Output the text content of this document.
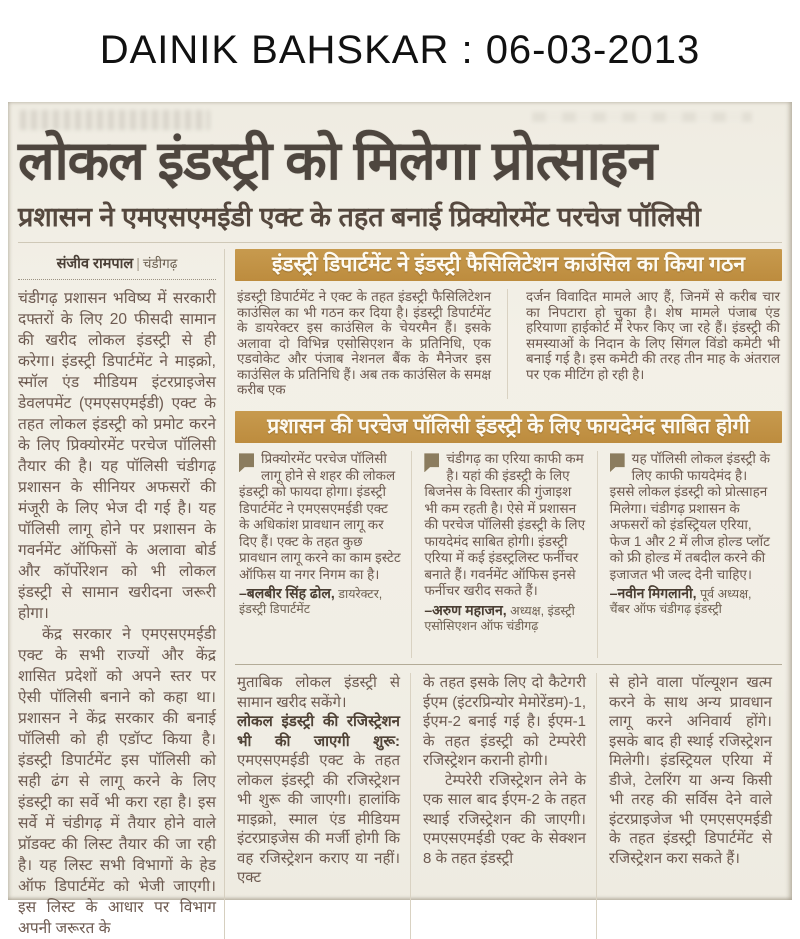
DAINIK BAHSKAR : 06-03-2013
लोकल इंडस्ट्री को मिलेगा प्रोत्साहन
प्रशासन ने एमएसएमईडी एक्ट के तहत बनाई प्रिक्योरमेंट परचेज पॉलिसी
संजीव रामपाल | चंडीगढ़

चंडीगढ़ प्रशासन भविष्य में सरकारी दफ्तरों के लिए 20 फीसदी सामान की खरीद लोकल इंडस्ट्री से ही करेगा। इंडस्ट्री डिपार्टमेंट ने माइक्रो, स्मॉल एंड मीडियम इंटरप्राइजेस डेवलपमेंट (एमएसएमईडी) एक्ट के तहत लोकल इंडस्ट्री को प्रमोट करने के लिए प्रिक्योरमेंट परचेज पॉलिसी तैयार की है। यह पॉलिसी चंडीगढ़ प्रशासन के सीनियर अफसरों की मंजूरी के लिए भेज दी गई है। यह पॉलिसी लागू होने पर प्रशासन के गवर्नमेंट ऑफिसों के अलावा बोर्ड और कॉर्पोरेशन को भी लोकल इंडस्ट्री से सामान खरीदना जरूरी होगा।

केंद्र सरकार ने एमएसएमईडी एक्ट के सभी राज्यों और केंद्र शासित प्रदेशों को अपने स्तर पर ऐसी पॉलिसी बनाने को कहा था। प्रशासन ने केंद्र सरकार की बनाई पॉलिसी को ही एडॉप्ट किया है। इंडस्ट्री डिपार्टमेंट इस पॉलिसी को सही ढंग से लागू करने के लिए इंडस्ट्री का सर्वे भी करा रहा है। इस सर्वे में चंडीगढ़ में तैयार होने वाले प्रॉडक्ट की लिस्ट तैयार की जा रही है। यह लिस्ट सभी विभागों के हेड ऑफ डिपार्टमेंट को भेजी जाएगी। इस लिस्ट के आधार पर विभाग अपनी जरूरत के

इंडस्ट्री डिपार्टमेंट ने इंडस्ट्री फैसिलिटेशन काउंसिल का किया गठन

इंडस्ट्री डिपार्टमेंट ने एक्ट के तहत इंडस्ट्री फैसिलिटेशन काउंसिल का भी गठन कर दिया है। इंडस्ट्री डिपार्टमेंट के डायरेक्टर इस काउंसिल के चेयरमैन हैं। इसके अलावा दो विभिन्न एसोसिएशन के प्रतिनिधि, एक एडवोकेट और पंजाब नेशनल बैंक के मैनेजर इस काउंसिल के प्रतिनिधि हैं। अब तक काउंसिल के समक्ष करीब एक

दर्जन विवादित मामले आए हैं, जिनमें से करीब चार का निपटारा हो चुका है। शेष मामले पंजाब एंड हरियाणा हाईकोर्ट में रेफर किए जा रहे हैं। इंडस्ट्री की समस्याओं के निदान के लिए सिंगल विंडो कमेटी भी बनाई गई है। इस कमेटी की तरह तीन माह के अंतराल पर एक मीटिंग हो रही है।

प्रशासन की परचेज पॉलिसी इंडस्ट्री के लिए फायदेमंद साबित होगी

प्रिक्योरमेंट परचेज पॉलिसी लागू होने से शहर की लोकल इंडस्ट्री को फायदा होगा। इंडस्ट्री डिपार्टमेंट ने एमएसएमईडी एक्ट के अधिकांश प्रावधान लागू कर दिए हैं। एक्ट के तहत कुछ प्रावधान लागू करने का काम इस्टेट ऑफिस या नगर निगम का है।

–बलबीर सिंह ढोल, डायरेक्टर, इंडस्ट्री डिपार्टमेंट

चंडीगढ़ का एरिया काफी कम है। यहां की इंडस्ट्री के लिए बिजनेस के विस्तार की गुंजाइश भी कम रहती है। ऐसे में प्रशासन की परचेज पॉलिसी इंडस्ट्री के लिए फायदेमंद साबित होगी। इंडस्ट्री एरिया में कई इंडस्ट्रलिस्ट फर्नीचर बनाते हैं। गवर्नमेंट ऑफिस इनसे फर्नीचर खरीद सकते हैं।

–अरुण महाजन, अध्यक्ष, इंडस्ट्री एसोसिएशन ऑफ चंडीगढ़

यह पॉलिसी लोकल इंडस्ट्री के लिए काफी फायदेमंद है। इससे लोकल इंडस्ट्री को प्रोत्साहन मिलेगा। चंडीगढ़ प्रशासन के अफसरों को इंडस्ट्रियल एरिया, फेज 1 और 2 में लीज होल्ड प्लॉट को फ्री होल्ड में तबदील करने की इजाजत भी जल्द देनी चाहिए।

–नवीन मिगलानी, पूर्व अध्यक्ष, चैंबर ऑफ चंडीगढ़ इंडस्ट्री

मुताबिक लोकल इंडस्ट्री से सामान खरीद सकेंगे।

लोकल इंडस्ट्री की रजिस्ट्रेशन भी की जाएगी शुरू: एमएसएमईडी एक्ट के तहत लोकल इंडस्ट्री की रजिस्ट्रेशन भी शुरू की जाएगी। हालांकि माइक्रो, स्माल एंड मीडियम इंटरप्राइजेस की मर्जी होगी कि वह रजिस्ट्रेशन कराए या नहीं। एक्ट

के तहत इसके लिए दो कैटेगरी ईएम (इंटरप्रिन्योर मेमोरेंडम)-1, ईएम-2 बनाई गई है। ईएम-1 के तहत इंडस्ट्री को टेम्परेरी रजिस्ट्रेशन करानी होगी।

टेम्परेरी रजिस्ट्रेशन लेने के एक साल बाद ईएम-2 के तहत स्थाई रजिस्ट्रेशन की जाएगी। एमएसएमईडी एक्ट के सेक्शन 8 के तहत इंडस्ट्री

से होने वाला पॉल्यूशन खत्म करने के साथ अन्य प्रावधान लागू करने अनिवार्य होंगे। इसके बाद ही स्थाई रजिस्ट्रेशन मिलेगी। इंडस्ट्रियल एरिया में डीजे, टेलरिंग या अन्य किसी भी तरह की सर्विस देने वाले इंटरप्राइजेज भी एमएसएमईडी के तहत इंडस्ट्री डिपार्टमेंट से रजिस्ट्रेशन करा सकते हैं।
